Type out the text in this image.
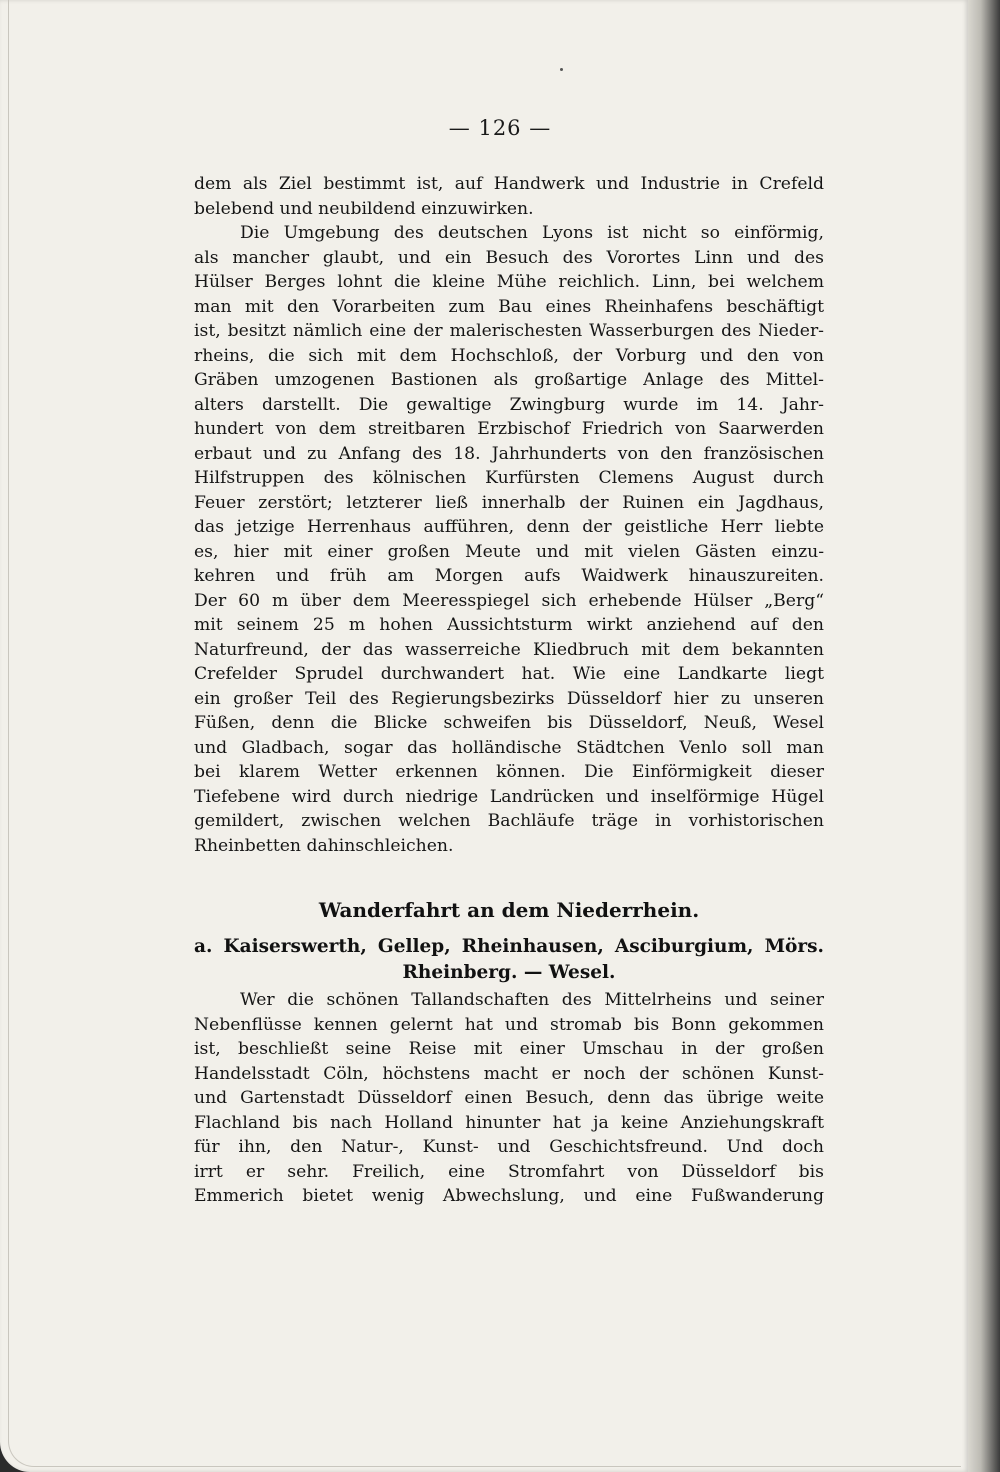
— 126 —
dem als Ziel bestimmt ist, auf Handwerk und Industrie in Crefeld
belebend und neubildend einzuwirken.
Die Umgebung des deutschen Lyons ist nicht so einförmig,
als mancher glaubt, und ein Besuch des Vorortes Linn und des
Hülser Berges lohnt die kleine Mühe reichlich. Linn, bei welchem
man mit den Vorarbeiten zum Bau eines Rheinhafens beschäftigt
ist, besitzt nämlich eine der malerischesten Wasserburgen des Nieder-
rheins, die sich mit dem Hochschloß, der Vorburg und den von
Gräben umzogenen Bastionen als großartige Anlage des Mittel-
alters darstellt. Die gewaltige Zwingburg wurde im 14. Jahr-
hundert von dem streitbaren Erzbischof Friedrich von Saarwerden
erbaut und zu Anfang des 18. Jahrhunderts von den französischen
Hilfstruppen des kölnischen Kurfürsten Clemens August durch
Feuer zerstört; letzterer ließ innerhalb der Ruinen ein Jagdhaus,
das jetzige Herrenhaus aufführen, denn der geistliche Herr liebte
es, hier mit einer großen Meute und mit vielen Gästen einzu-
kehren und früh am Morgen aufs Waidwerk hinauszureiten.
Der 60 m über dem Meeresspiegel sich erhebende Hülser „Berg“
mit seinem 25 m hohen Aussichtsturm wirkt anziehend auf den
Naturfreund, der das wasserreiche Kliedbruch mit dem bekannten
Crefelder Sprudel durchwandert hat. Wie eine Landkarte liegt
ein großer Teil des Regierungsbezirks Düsseldorf hier zu unseren
Füßen, denn die Blicke schweifen bis Düsseldorf, Neuß, Wesel
und Gladbach, sogar das holländische Städtchen Venlo soll man
bei klarem Wetter erkennen können. Die Einförmigkeit dieser
Tiefebene wird durch niedrige Landrücken und inselförmige Hügel
gemildert, zwischen welchen Bachläufe träge in vorhistorischen
Rheinbetten dahinschleichen.
Wanderfahrt an dem Niederrhein.
a. Kaiserswerth, Gellep, Rheinhausen, Asciburgium, Mörs.
Rheinberg. — Wesel.
Wer die schönen Tallandschaften des Mittelrheins und seiner
Nebenflüsse kennen gelernt hat und stromab bis Bonn gekommen
ist, beschließt seine Reise mit einer Umschau in der großen
Handelsstadt Cöln, höchstens macht er noch der schönen Kunst-
und Gartenstadt Düsseldorf einen Besuch, denn das übrige weite
Flachland bis nach Holland hinunter hat ja keine Anziehungskraft
für ihn, den Natur-, Kunst- und Geschichtsfreund. Und doch
irrt er sehr. Freilich, eine Stromfahrt von Düsseldorf bis
Emmerich bietet wenig Abwechslung, und eine Fußwanderung
